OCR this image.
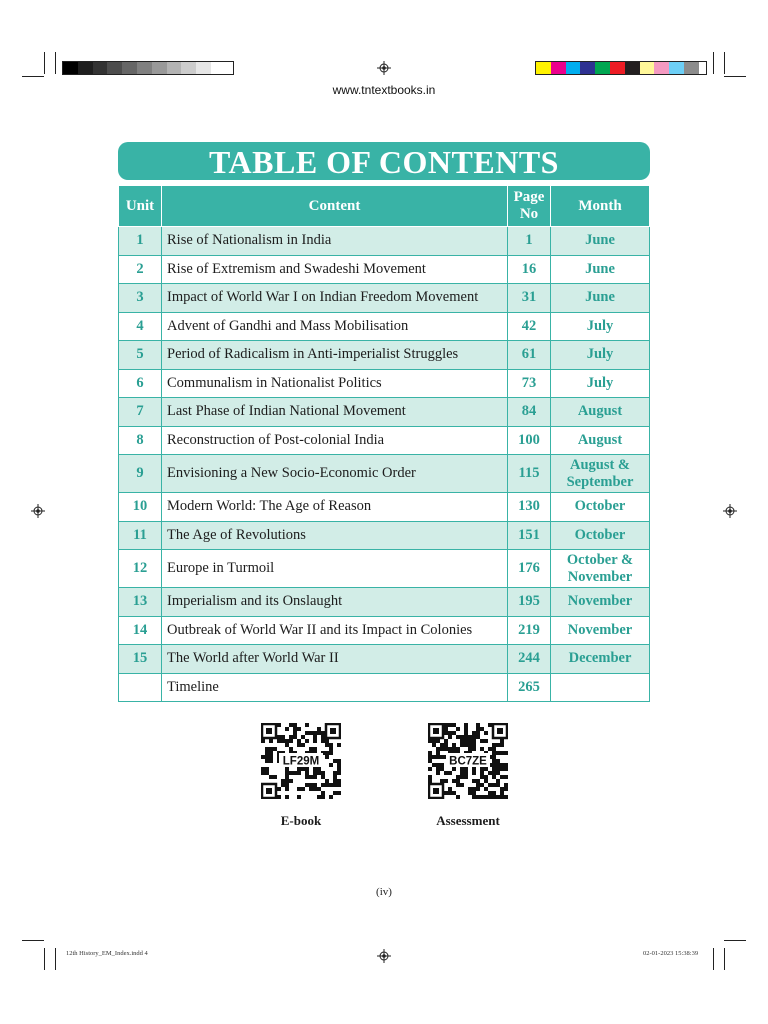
www.tntextbooks.in
TABLE OF CONTENTS
Unit	Content	Page No	Month
1	Rise of Nationalism in India	1	June
2	Rise of Extremism and Swadeshi Movement	16	June
3	Impact of World War I on Indian Freedom Movement	31	June
4	Advent of Gandhi and Mass Mobilisation	42	July
5	Period of Radicalism in Anti-imperialist Struggles	61	July
6	Communalism in Nationalist Politics	73	July
7	Last Phase of Indian National Movement	84	August
8	Reconstruction of Post-colonial India	100	August
9	Envisioning a New Socio-Economic Order	115	August & September
10	Modern World: The Age of Reason	130	October
11	The Age of Revolutions	151	October
12	Europe in Turmoil	176	October & November
13	Imperialism and its Onslaught	195	November
14	Outbreak of World War II and its Impact in Colonies	219	November
15	The World after World War II	244	December
	Timeline	265	
LF29M	BC7ZE
E-book	Assessment
(iv)
12th History_EM_Index.indd 4	02-01-2023 15:38:39
